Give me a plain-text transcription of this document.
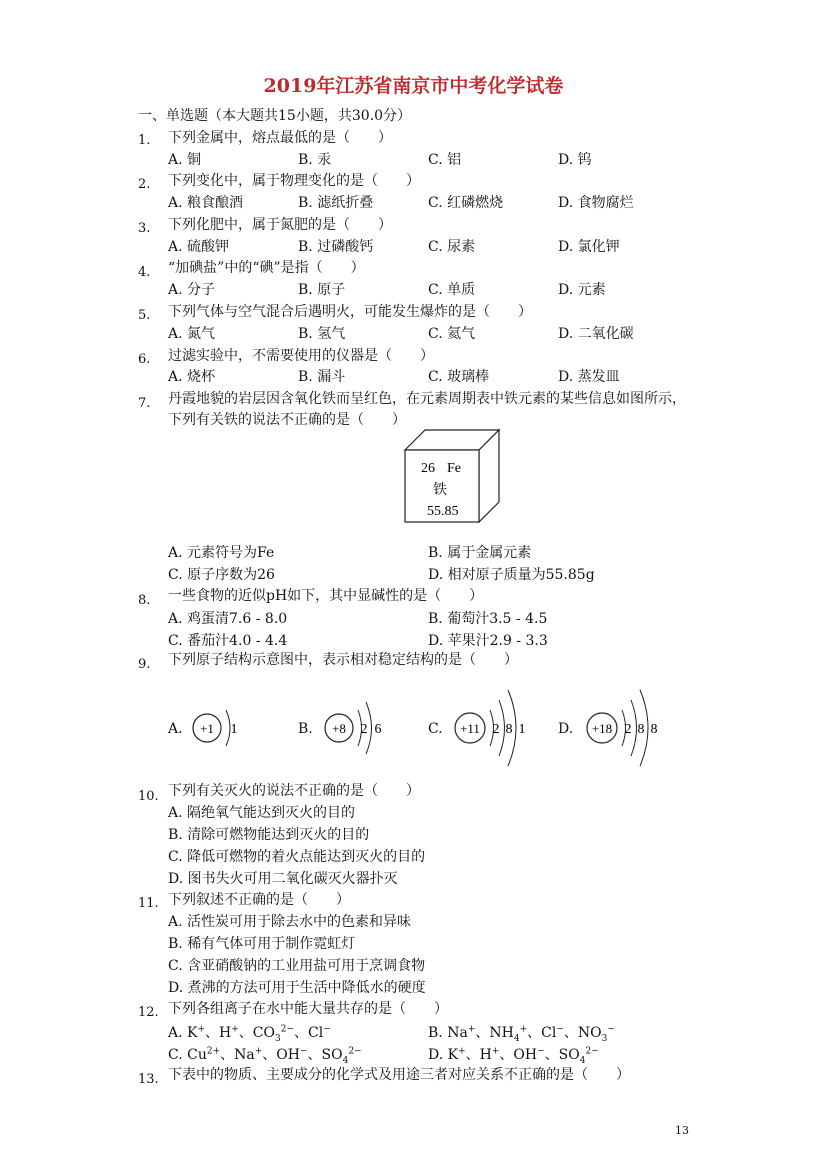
2019年江苏省南京市中考化学试卷
一、单选题（本大题共15小题，共30.0分）
1. 下列金属中，熔点最低的是（　　）
A. 铜	B. 汞	C. 铝	D. 钨
2. 下列变化中，属于物理变化的是（　　）
A. 粮食酿酒	B. 滤纸折叠	C. 红磷燃烧	D. 食物腐烂
3. 下列化肥中，属于氮肥的是（　　）
A. 硫酸钾	B. 过磷酸钙	C. 尿素	D. 氯化钾
4. “加碘盐”中的“碘”是指（　　）
A. 分子	B. 原子	C. 单质	D. 元素
5. 下列气体与空气混合后遇明火，可能发生爆炸的是（　　）
A. 氮气	B. 氢气	C. 氦气	D. 二氧化碳
6. 过滤实验中，不需要使用的仪器是（　　）
A. 烧杯	B. 漏斗	C. 玻璃棒	D. 蒸发皿
7. 丹霞地貌的岩层因含氧化铁而呈红色，在元素周期表中铁元素的某些信息如图所示，
下列有关铁的说法不正确的是（　　）
26 Fe
铁
55.85
A. 元素符号为Fe	B. 属于金属元素
C. 原子序数为26	D. 相对原子质量为55.85g
8. 一些食物的近似pH如下，其中显碱性的是（　　）
A. 鸡蛋清7.6 - 8.0	B. 葡萄汁3.5 - 4.5
C. 番茄汁4.0 - 4.4	D. 苹果汁2.9 - 3.3
9. 下列原子结构示意图中，表示相对稳定结构的是（　　）
A.	B.	C.	D.
+1 1	+8 2 6	+11 2 8 1	+18 2 8 8
10. 下列有关灭火的说法不正确的是（　　）
A. 隔绝氧气能达到灭火的目的
B. 清除可燃物能达到灭火的目的
C. 降低可燃物的着火点能达到灭火的目的
D. 图书失火可用二氧化碳灭火器扑灭
11. 下列叙述不正确的是（　　）
A. 活性炭可用于除去水中的色素和异味
B. 稀有气体可用于制作霓虹灯
C. 含亚硝酸钠的工业用盐可用于烹调食物
D. 煮沸的方法可用于生活中降低水的硬度
12. 下列各组离子在水中能大量共存的是（　　）
A. K+、H+、$CO_3^{2-}$、Cl−	B. Na+、$NH_4^+$、Cl−、$NO_3^-$
C. $Cu^{2+}$、Na+、OH−、$SO_4^{2-}$	D. K+、H+、OH−、$SO_4^{2-}$
13. 下表中的物质、主要成分的化学式及用途三者对应关系不正确的是（　　）
13
